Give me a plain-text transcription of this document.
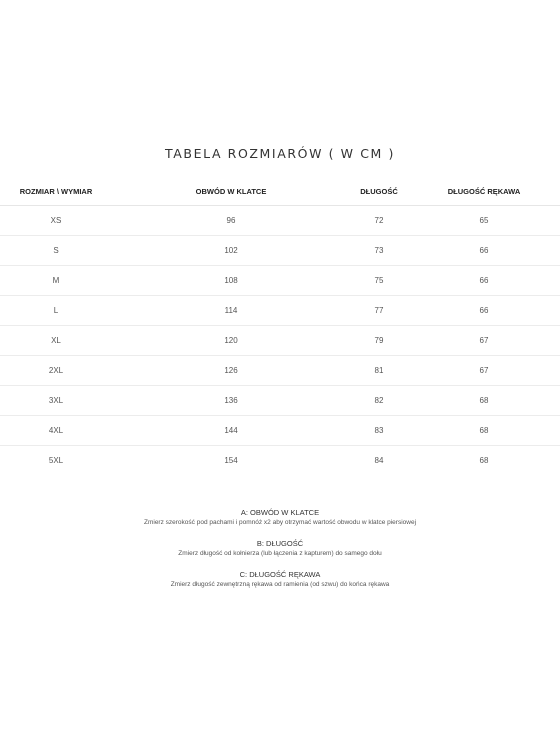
TABELA ROZMIARÓW ( W CM )
ROZMIAR \ WYMIAR	OBWÓD W KLATCE	DŁUGOŚĆ	DŁUGOŚĆ RĘKAWA
XS	96	72	65
S	102	73	66
M	108	75	66
L	114	77	66
XL	120	79	67
2XL	126	81	67
3XL	136	82	68
4XL	144	83	68
5XL	154	84	68
A: OBWÓD W KLATCE
Zmierz szerokość pod pachami i pomnóż x2 aby otrzymać wartość obwodu w klatce piersiowej
B: DŁUGOŚĆ
Zmierz długość od kołnierza (lub łączenia z kapturem) do samego dołu
C: DŁUGOŚĆ RĘKAWA
Zmierz długość zewnętrzną rękawa od ramienia (od szwu) do końca rękawa
